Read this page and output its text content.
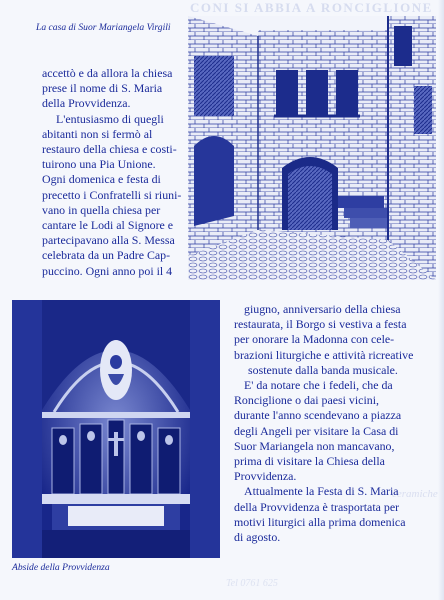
CONI SI ABBIA A RONCIGLIONE
ceramiche
Tel 0761 625
La casa di Suor Mariangela Virgili
accettò e da allora la chiesa
prese il nome di S. Maria
della Provvidenza.
L'entusiasmo di quegli
abitanti non si fermò al
restauro della chiesa e costi-
tuirono una Pia Unione.
Ogni domenica e festa di
precetto i Confratelli si riuni-
vano in quella chiesa per
cantare le Lodi al Signore e
partecipavano alla S. Messa
celebrata da un Padre Cap-
puccino. Ogni anno poi il 4
Abside della Provvidenza
giugno, anniversario della chiesa
restaurata, il Borgo si vestiva a festa
per onorare la Madonna con cele-
brazioni liturgiche e attività ricreative
sostenute dalla banda musicale.
E' da notare che i fedeli, che da
Ronciglione o dai paesi vicini,
durante l'anno scendevano a piazza
degli Angeli per visitare la Casa di
Suor Mariangela non mancavano,
prima di visitare la Chiesa della
Provvidenza.
Attualmente la Festa di S. Maria
della Provvidenza è trasportata per
motivi liturgici alla prima domenica
di agosto.
